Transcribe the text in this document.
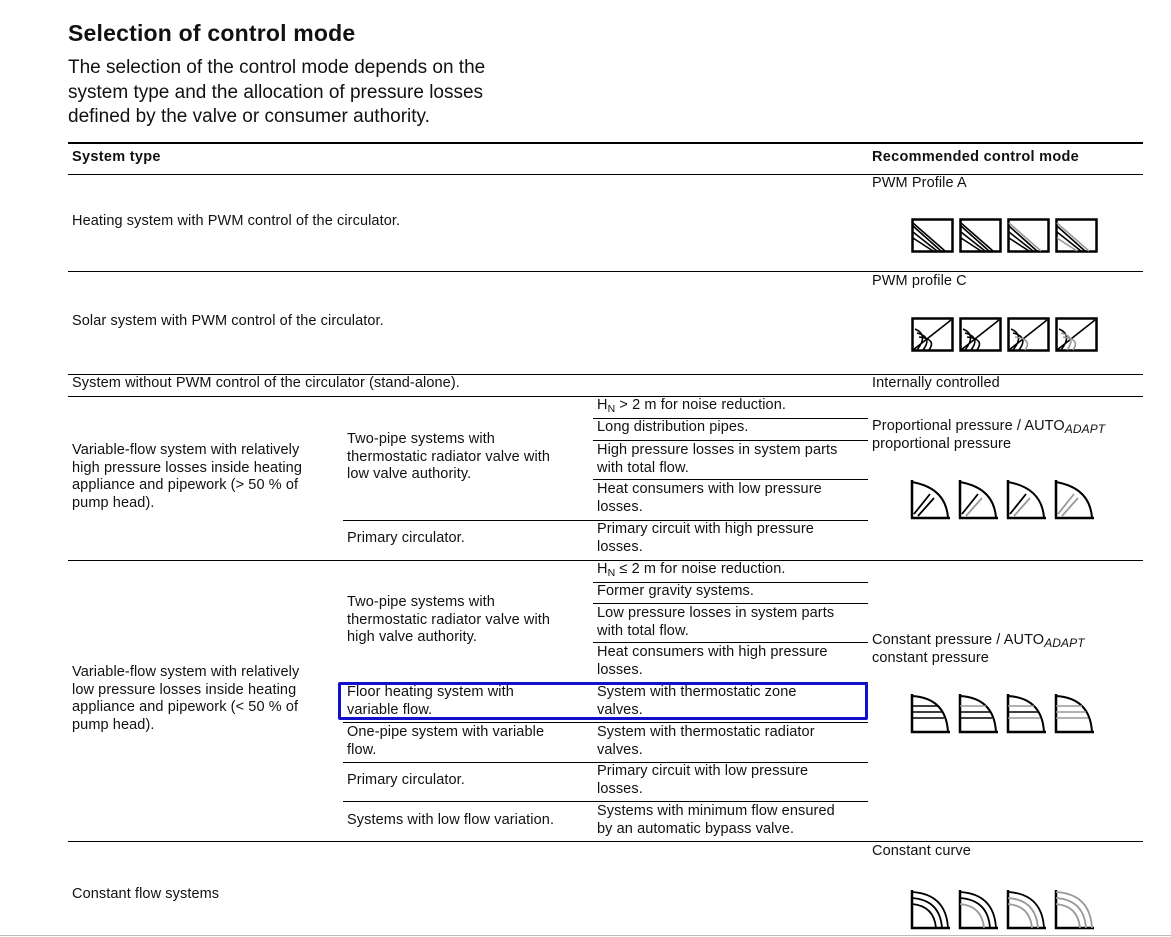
Selection of control mode

The selection of the control mode depends on the
system type and the allocation of pressure losses
defined by the valve or consumer authority.

System type	Recommended control mode
Heating system with PWM control of the circulator.
PWM Profile A
Solar system with PWM control of the circulator.
PWM profile C
System without PWM control of the circulator (stand-alone).	Internally controlled
Variable-flow system with relatively
high pressure losses inside heating
appliance and pipework (> 50 % of
pump head).
Two-pipe systems with
thermostatic radiator valve with
low valve authority.
$H_N > 2$ m for noise reduction.
Long distribution pipes.
High pressure losses in system parts
with total flow.
Heat consumers with low pressure
losses.
Primary circulator.
Primary circuit with high pressure
losses.
Proportional pressure / $AUTO_{ADAPT}$
proportional pressure
Variable-flow system with relatively
low pressure losses inside heating
appliance and pipework (< 50 % of
pump head).
Two-pipe systems with
thermostatic radiator valve with
high valve authority.
$H_N \le 2$ m for noise reduction.
Former gravity systems.
Low pressure losses in system parts
with total flow.
Heat consumers with high pressure
losses.
Floor heating system with
variable flow.
System with thermostatic zone
valves.
One-pipe system with variable
flow.
System with thermostatic radiator
valves.
Primary circulator.
Primary circuit with low pressure
losses.
Systems with low flow variation.
Systems with minimum flow ensured
by an automatic bypass valve.
Constant pressure / $AUTO_{ADAPT}$
constant pressure
Constant flow systems
Constant curve
